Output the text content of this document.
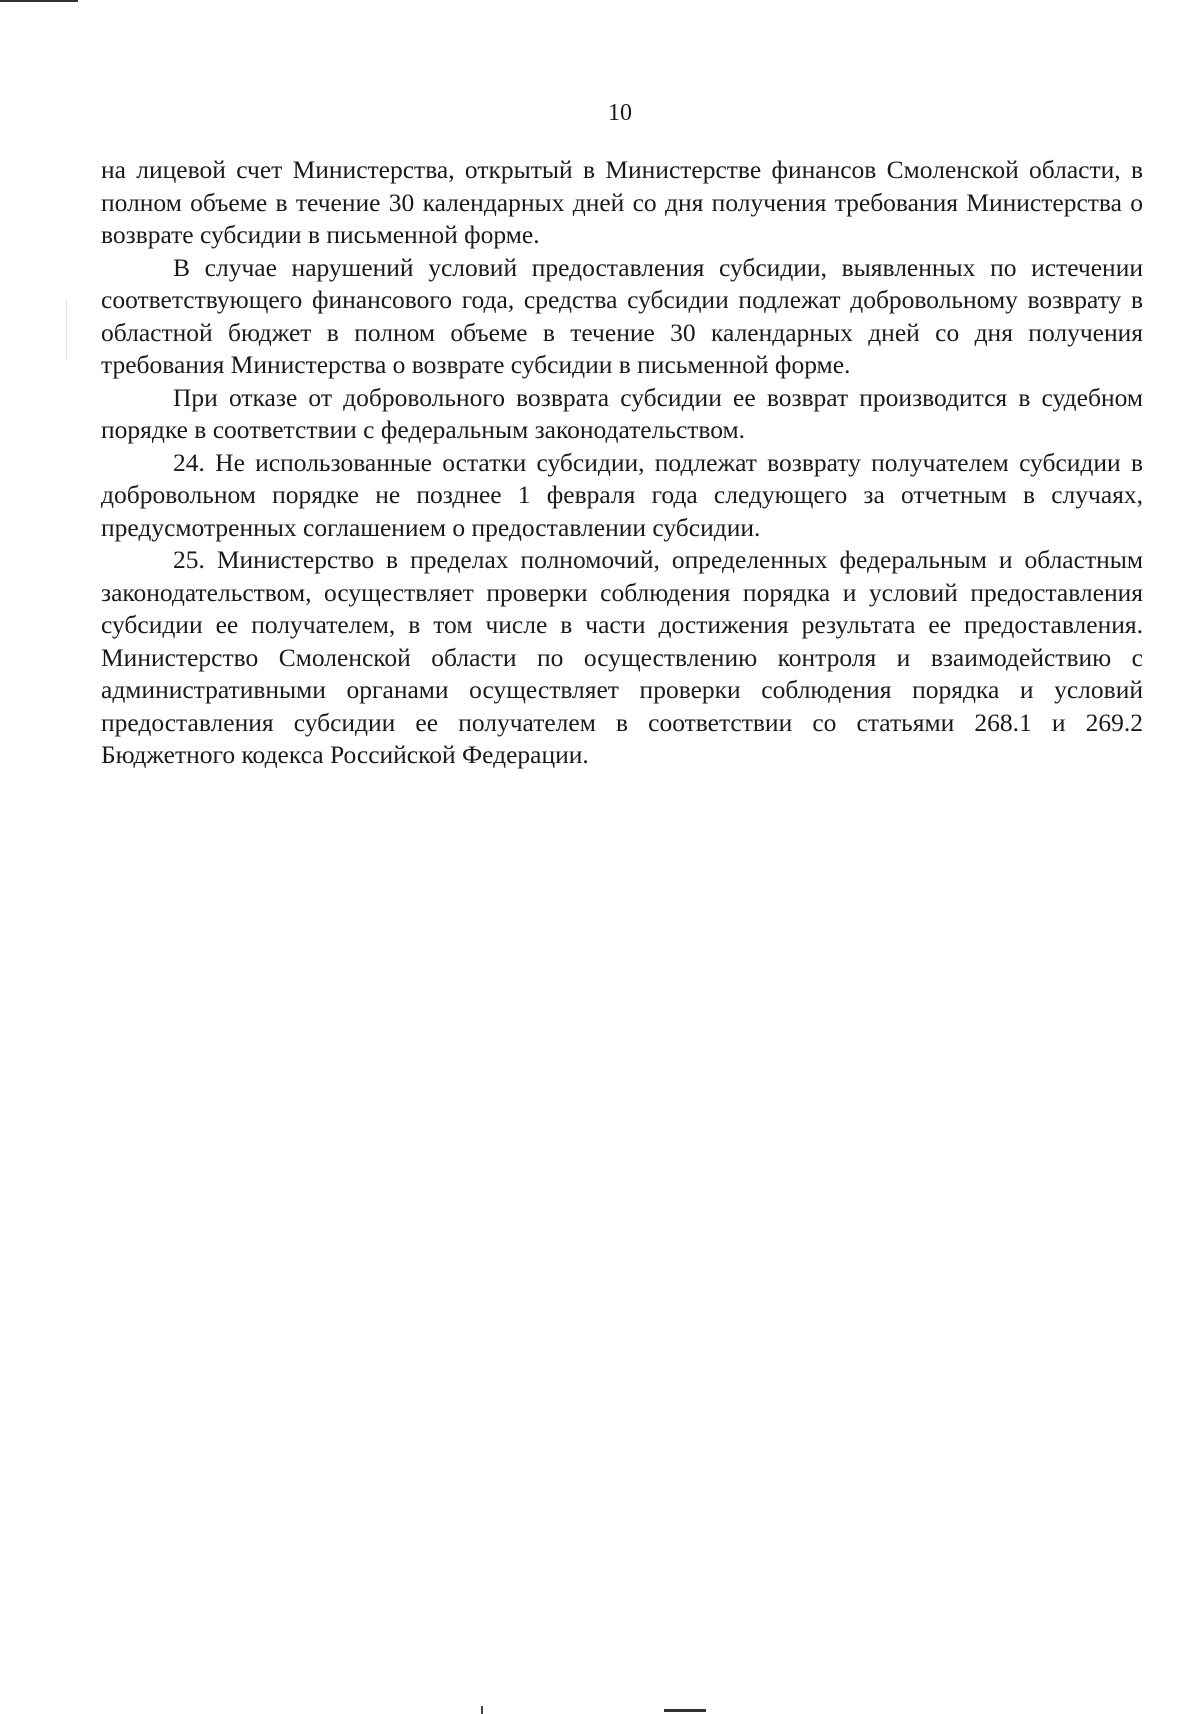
10

на лицевой счет Министерства, открытый в Министерстве финансов Смоленской области, в полном объеме в течение 30 календарных дней со дня получения требования Министерства о возврате субсидии в письменной форме.

В случае нарушений условий предоставления субсидии, выявленных по истечении соответствующего финансового года, средства субсидии подлежат добровольному возврату в областной бюджет в полном объеме в течение 30 календарных дней со дня получения требования Министерства о возврате субсидии в письменной форме.

При отказе от добровольного возврата субсидии ее возврат производится в судебном порядке в соответствии с федеральным законодательством.

24. Не использованные остатки субсидии, подлежат возврату получателем субсидии в добровольном порядке не позднее 1 февраля года следующего за отчетным в случаях, предусмотренных соглашением о предоставлении субсидии.

25. Министерство в пределах полномочий, определенных федеральным и областным законодательством, осуществляет проверки соблюдения порядка и условий предоставления субсидии ее получателем, в том числе в части достижения результата ее предоставления. Министерство Смоленской области по осуществлению контроля и взаимодействию с административными органами осуществляет проверки соблюдения порядка и условий предоставления субсидии ее получателем в соответствии со статьями 268.1 и 269.2 Бюджетного кодекса Российской Федерации.
